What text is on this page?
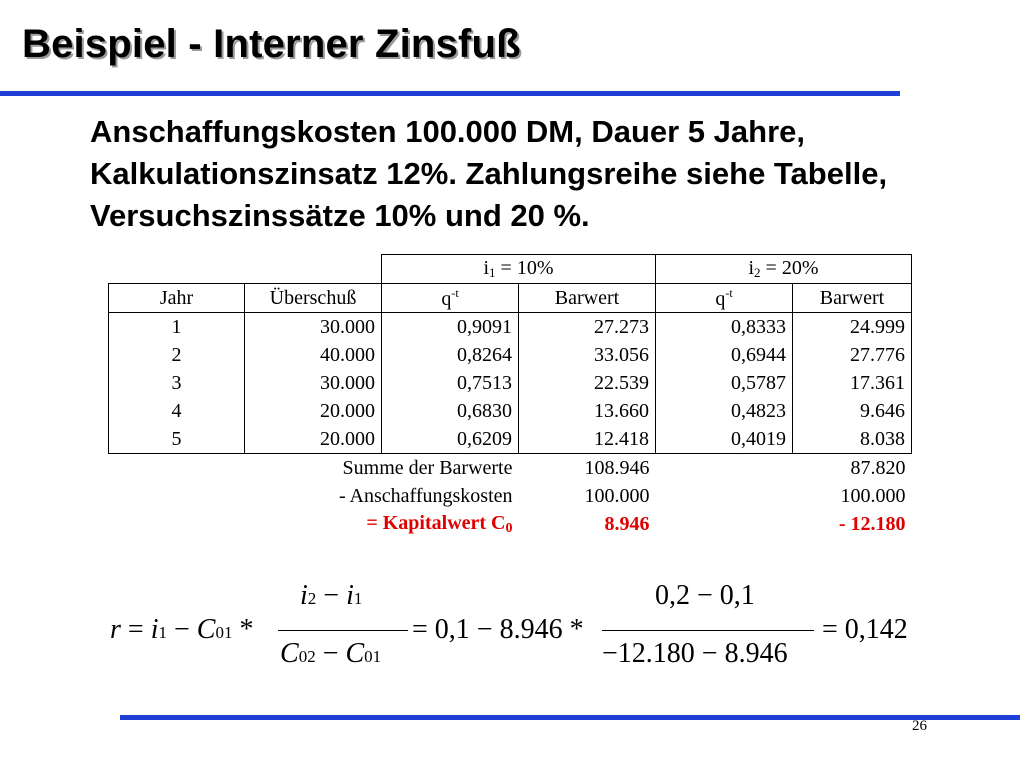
Beispiel - Interner Zinsfuß

Anschaffungskosten 100.000 DM, Dauer 5 Jahre, Kalkulationszinsatz 12%. Zahlungsreihe siehe Tabelle, Versuchszinssätze 10% und 20 %.

		$i_1 = 10\%$		$i_2 = 20\%$	
Jahr	Überschuß	$q^{-t}$	Barwert	$q^{-t}$	Barwert
1	30.000	0,9091	27.273	0,8333	24.999
2	40.000	0,8264	33.056	0,6944	27.776
3	30.000	0,7513	22.539	0,5787	17.361
4	20.000	0,6830	13.660	0,4823	9.646
5	20.000	0,6209	12.418	0,4019	8.038
Summe der Barwerte			108.946		87.820
- Anschaffungskosten			100.000		100.000
= Kapitalwert $C_0$			8.946		- 12.180
r = i1 − C01 *
i2 − i1
C02 − C01
= 0,1 − 8.946 *
0,2 − 0,1
−12.180 − 8.946
= 0,142
26
